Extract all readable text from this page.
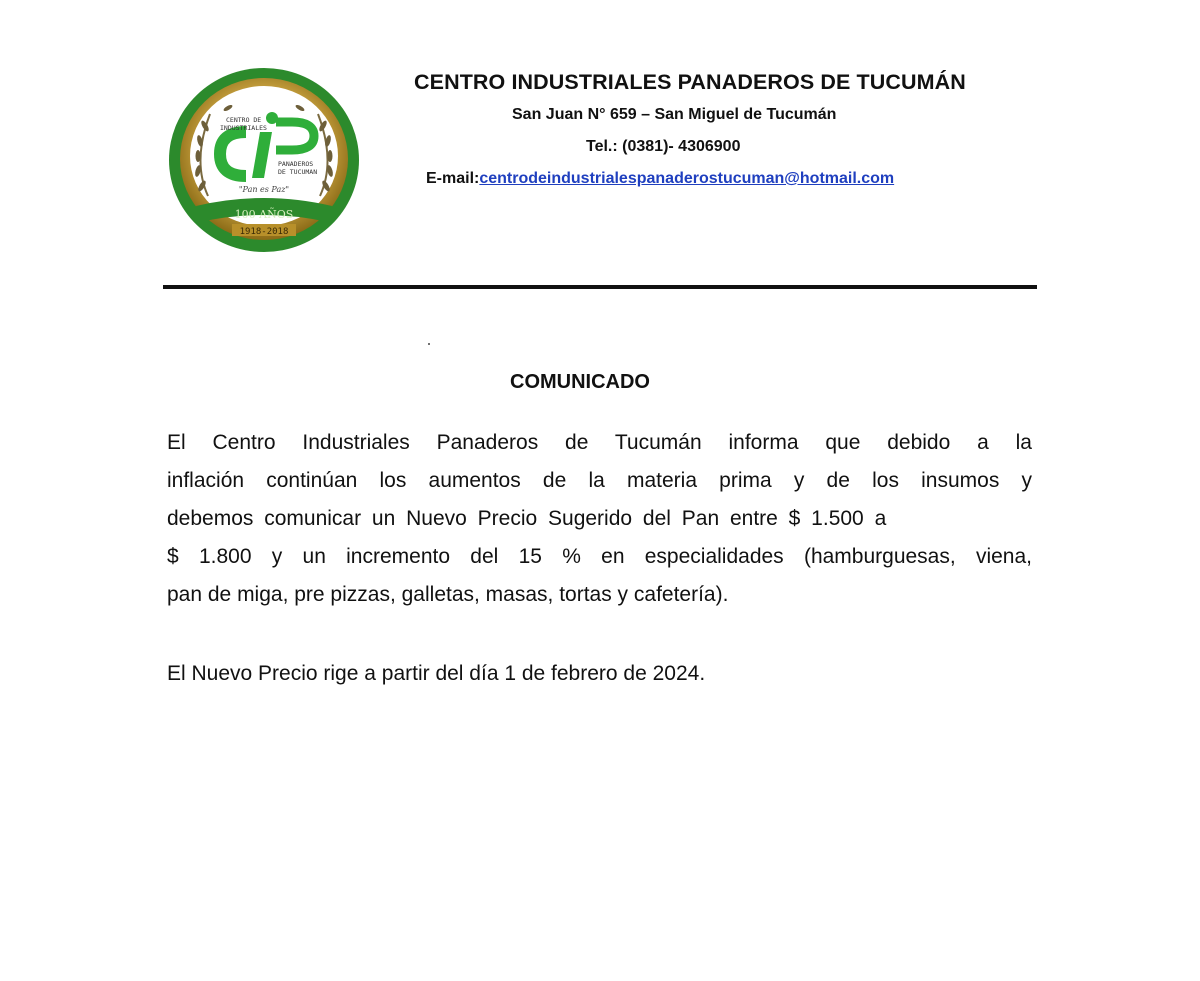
CENTRO DE
INDUSTRIALES
PANADEROS
DE TUCUMAN
"Pan es Paz"
100 AÑOS
1918-2018
CENTRO INDUSTRIALES PANADEROS DE TUCUMÁN
San Juan N° 659 – San Miguel de Tucumán
Tel.: (0381)- 4306900
E-mail:centrodeindustrialespanaderostucuman@hotmail.com
COMUNICADO
El Centro Industriales Panaderos de Tucumán informa que debido a la
inflación continúan los aumentos de la materia prima y de los insumos y
debemos comunicar un Nuevo Precio Sugerido del Pan entre $ 1.500 a
$ 1.800 y un incremento del 15 % en especialidades (hamburguesas, viena,
pan de miga, pre pizzas, galletas, masas, tortas y cafetería).
El Nuevo Precio rige a partir del día 1 de febrero de 2024.
